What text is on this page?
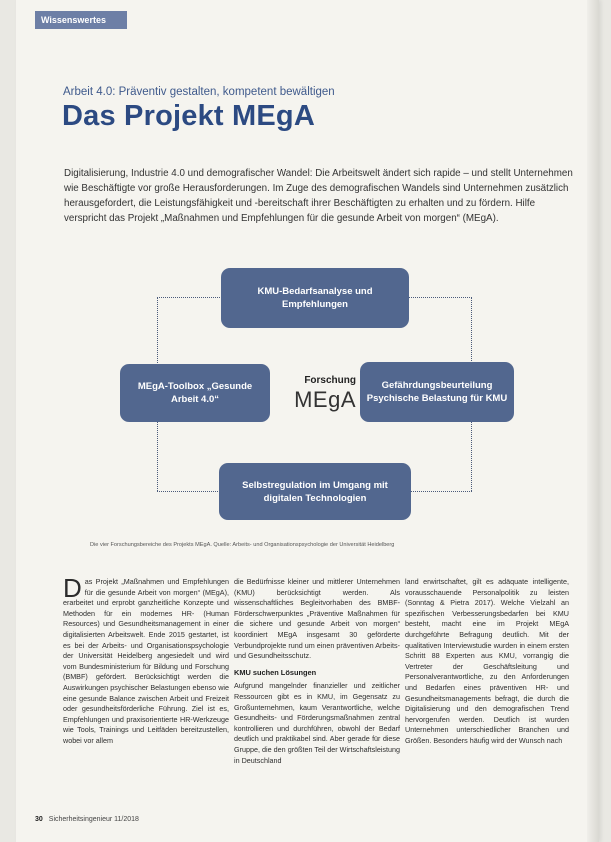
Wissenswertes
Arbeit 4.0: Präventiv gestalten, kompetent bewältigen
Das Projekt MEgA
Digitalisierung, Industrie 4.0 und demografischer Wandel: Die Arbeitswelt ändert sich rapide – und stellt Unternehmen wie Beschäftigte vor große Herausforderungen. Im Zuge des demografischen Wandels sind Unternehmen zusätzlich herausgefordert, die Leistungsfähigkeit und -bereitschaft ihrer Beschäftigten zu erhalten und zu fördern. Hilfe verspricht das Projekt „Maßnahmen und Empfehlungen für die gesunde Arbeit von morgen“ (MEgA).
KMU-Bedarfsanalyse und Empfehlungen
MEgA-Toolbox „Gesunde Arbeit 4.0“
Gefährdungsbeurteilung Psychische Belastung für KMU
Selbstregulation im Umgang mit digitalen Technologien
Forschung
MEgA
Die vier Forschungsbereiche des Projekts MEgA. Quelle: Arbeits- und Organisationspsychologie der Universität Heidelberg

Das Projekt „Maßnahmen und Empfehlungen für die gesunde Arbeit von morgen“ (MEgA), erarbeitet und erprobt ganzheitliche Konzepte und Methoden für ein modernes HR- (Human Resources) und Gesundheitsmanagement in einer digitalisierten Arbeitswelt. Ende 2015 gestartet, ist es bei der Arbeits- und Organisationspsychologie der Universität Heidelberg angesiedelt und wird vom Bundesministerium für Bildung und Forschung (BMBF) gefördert. Berücksichtigt werden die Auswirkungen psychischer Belastungen ebenso wie eine gesunde Balance zwischen Arbeit und Freizeit oder gesundheitsförderliche Führung. Ziel ist es, Empfehlungen und praxisorientierte HR-Werkzeuge wie Tools, Trainings und Leitfäden bereitzustellen, wobei vor allem

die Bedürfnisse kleiner und mittlerer Unternehmen (KMU) berücksichtigt werden. Als wissenschaftliches Begleitvorhaben des BMBF-Förderschwerpunktes „Präventive Maßnahmen für die sichere und gesunde Arbeit von morgen“ koordiniert MEgA insgesamt 30 geförderte Verbundprojekte rund um einen präventiven Arbeits- und Gesundheitsschutz.

KMU suchen Lösungen

Aufgrund mangelnder finanzieller und zeitlicher Ressourcen gibt es in KMU, im Gegensatz zu Großunternehmen, kaum Verantwortliche, welche Gesundheits- und Förderungsmaßnahmen zentral kontrollieren und durchführen, obwohl der Bedarf deutlich und praktikabel sind. Aber gerade für diese Gruppe, die den größten Teil der Wirtschaftsleistung in Deutschland

land erwirtschaftet, gilt es adäquate intelligente, vorausschauende Personalpolitik zu leisten (Sonntag & Pietra 2017). Welche Vielzahl an spezifischen Verbesserungsbedarfen bei KMU besteht, macht eine im Projekt MEgA durchgeführte Befragung deutlich. Mit der qualitativen Interviewstudie wurden in einem ersten Schritt 88 Experten aus KMU, vorrangig die Vertreter der Geschäftsleitung und Personalverantwortliche, zu den Anforderungen und Bedarfen eines präventiven HR- und Gesundheitsmanagements befragt, die durch die Digitalisierung und den demografischen Trend hervorgerufen werden. Deutlich ist wurden Unternehmen unterschiedlicher Branchen und Größen. Besonders häufig wird der Wunsch nach

30 Sicherheitsingenieur 11/2018
